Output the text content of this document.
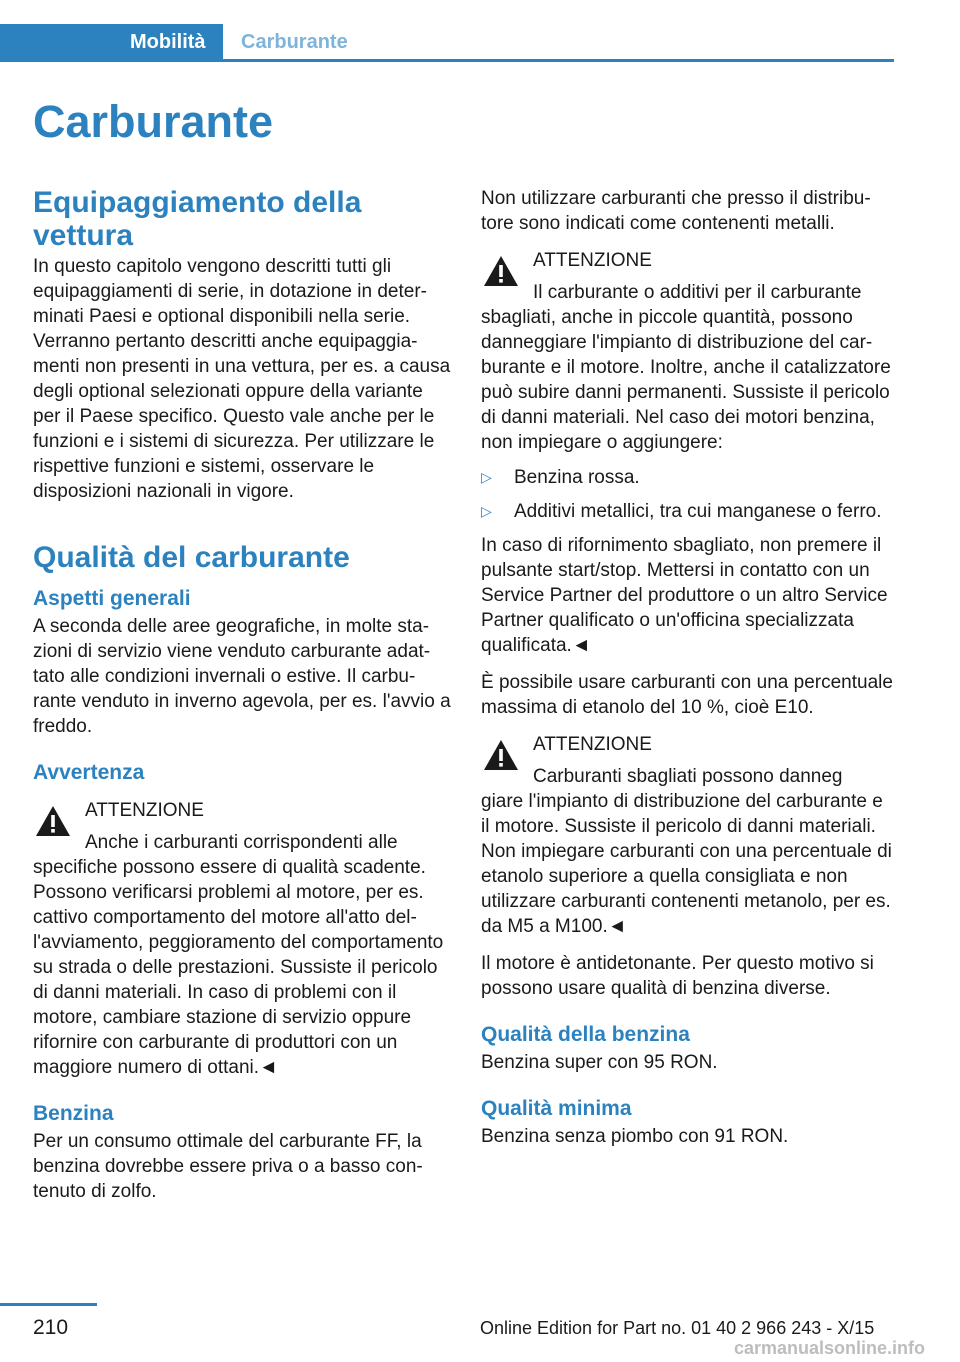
Mobilità	Carburante
Carburante
Equipaggiamento della vettura
In questo capitolo vengono descritti tutti gli equipaggiamenti di serie, in dotazione in determinati Paesi e optional disponibili nella serie. Verranno pertanto descritti anche equipaggiamenti non presenti in una vettura, per es. a causa degli optional selezionati oppure della variante per il Paese specifico. Questo vale anche per le funzioni e i sistemi di sicurezza. Per utilizzare le rispettive funzioni e sistemi, osservare le disposizioni nazionali in vigore.
Qualità del carburante
Aspetti generali
A seconda delle aree geografiche, in molte stazioni di servizio viene venduto carburante adattato alle condizioni invernali o estive. Il carburante venduto in inverno agevola, per es. l'avvio a freddo.
Avvertenza
ATTENZIONE
Anche i carburanti corrispondenti alle
specifiche possono essere di qualità scadente. Possono verificarsi problemi al motore, per es. cattivo comportamento del motore all'atto dell'avviamento, peggioramento del comportamento su strada o delle prestazioni. Sussiste il pericolo di danni materiali. In caso di problemi con il motore, cambiare stazione di servizio oppure rifornire con carburante di produttori con un maggiore numero di ottani.◄
Benzina
Per un consumo ottimale del carburante FF, la benzina dovrebbe essere priva o a basso contenuto di zolfo.
Non utilizzare carburanti che presso il distributore sono indicati come contenenti metalli.
ATTENZIONE
Il carburante o additivi per il carburante
sbagliati, anche in piccole quantità, possono danneggiare l'impianto di distribuzione del carburante e il motore. Inoltre, anche il catalizzatore può subire danni permanenti. Sussiste il pericolo di danni materiali. Nel caso dei motori benzina, non impiegare o aggiungere:
▷ Benzina rossa.
▷ Additivi metallici, tra cui manganese o ferro.
In caso di rifornimento sbagliato, non premere il pulsante start/stop. Mettersi in contatto con un Service Partner del produttore o un altro Service Partner qualificato o un'officina specializzata qualificata.◄
È possibile usare carburanti con una percentuale massima di etanolo del 10 %, cioè E10.
ATTENZIONE
Carburanti sbagliati possono danneg
giare l'impianto di distribuzione del carburante e il motore. Sussiste il pericolo di danni materiali. Non impiegare carburanti con una percentuale di etanolo superiore a quella consigliata e non utilizzare carburanti contenenti metanolo, per es. da M5 a M100.◄
Il motore è antidetonante. Per questo motivo si possono usare qualità di benzina diverse.
Qualità della benzina
Benzina super con 95 RON.
Qualità minima
Benzina senza piombo con 91 RON.
210	Online Edition for Part no. 01 40 2 966 243 - X/15
carmanualsonline.info
